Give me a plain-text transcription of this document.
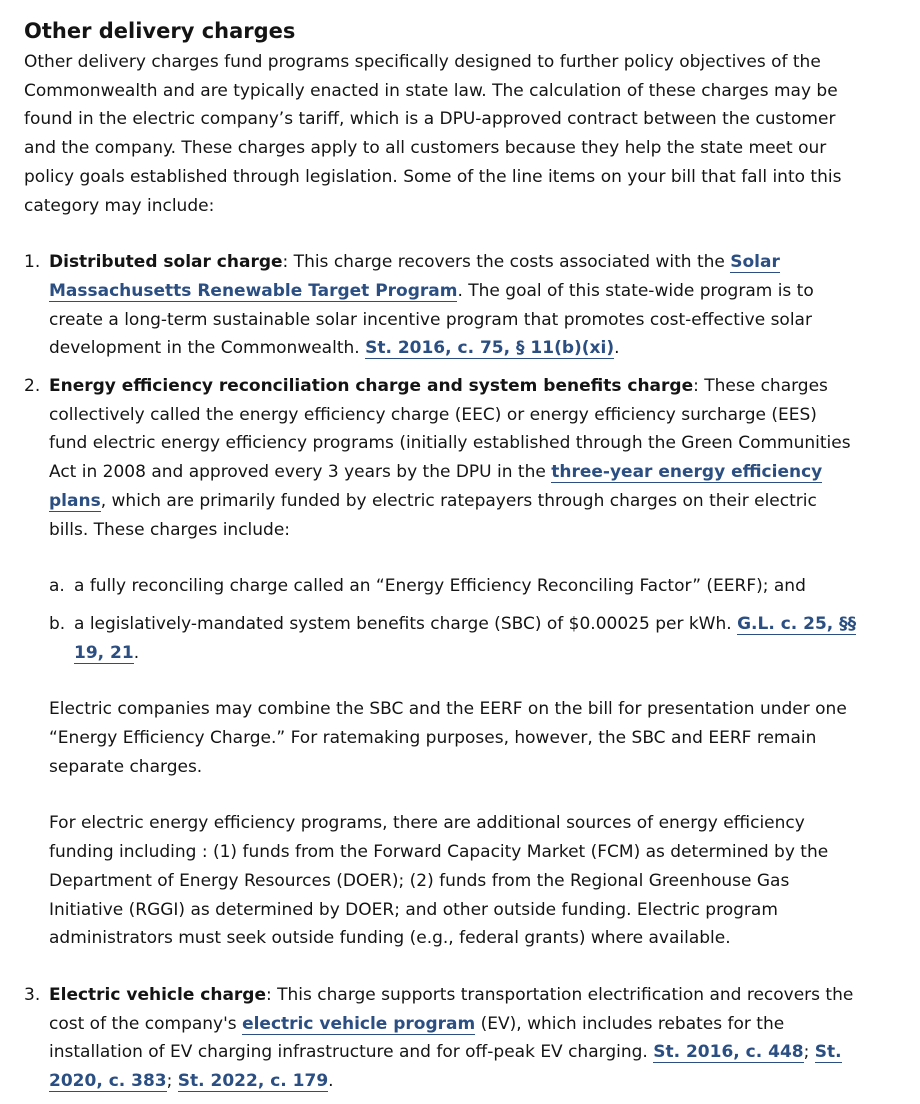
Other delivery charges

Other delivery charges fund programs specifically designed to further policy objectives of the Commonwealth and are typically enacted in state law. The calculation of these charges may be found in the electric company’s tariff, which is a DPU-approved contract between the customer and the company. These charges apply to all customers because they help the state meet our policy goals established through legislation. Some of the line items on your bill that fall into this category may include:

1. Distributed solar charge: This charge recovers the costs associated with the Solar Massachusetts Renewable Target Program. The goal of this state-wide program is to create a long-term sustainable solar incentive program that promotes cost-effective solar development in the Commonwealth. St. 2016, c. 75, § 11(b)(xi).
2. Energy efficiency reconciliation charge and system benefits charge: These charges collectively called the energy efficiency charge (EEC) or energy efficiency surcharge (EES) fund electric energy efficiency programs (initially established through the Green Communities Act in 2008 and approved every 3 years by the DPU in the three-year energy efficiency plans, which are primarily funded by electric ratepayers through charges on their electric bills. These charges include:
a. a fully reconciling charge called an “Energy Efficiency Reconciling Factor” (EERF); and
b. a legislatively-mandated system benefits charge (SBC) of $0.00025 per kWh. G.L. c. 25, §§ 19, 21.

Electric companies may combine the SBC and the EERF on the bill for presentation under one “Energy Efficiency Charge.” For ratemaking purposes, however, the SBC and EERF remain separate charges.

For electric energy efficiency programs, there are additional sources of energy efficiency funding including : (1) funds from the Forward Capacity Market (FCM) as determined by the Department of Energy Resources (DOER); (2) funds from the Regional Greenhouse Gas Initiative (RGGI) as determined by DOER; and other outside funding. Electric program administrators must seek outside funding (e.g., federal grants) where available.

3. Electric vehicle charge: This charge supports transportation electrification and recovers the cost of the company's electric vehicle program (EV), which includes rebates for the installation of EV charging infrastructure and for off-peak EV charging. St. 2016, c. 448; St. 2020, c. 383; St. 2022, c. 179.
